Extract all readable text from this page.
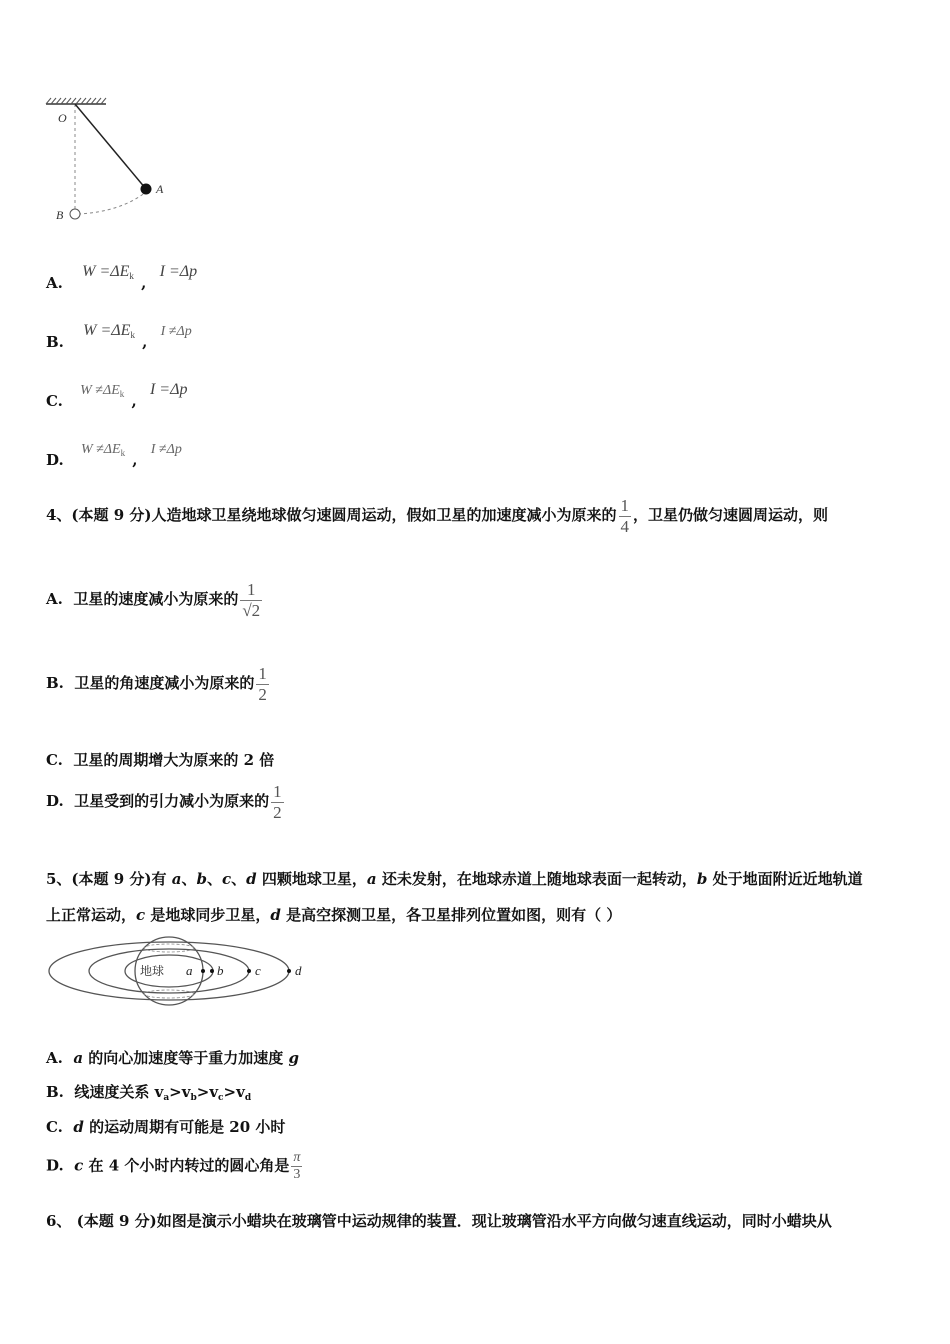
O
A
B
A. $W =\Delta E_k$ , I =Δp
B. $W =\Delta E_k$ , I ≠Δp
C. $W \ne\Delta E_k$ , I =Δp
D. $W \ne\Delta E_k$ , I ≠Δp
4、(本题 9 分)人造地球卫星绕地球做匀速圆周运动，假如卫星的加速度减小为原来的 $\frac{1}{4}$ ，卫星仍做匀速圆周运动，则
A. 卫星的速度减小为原来的 $\frac{1}{√2}$
B. 卫星的角速度减小为原来的 $\frac{1}{2}$
C. 卫星的周期增大为原来的 2 倍
D. 卫星受到的引力减小为原来的 $\frac{1}{2}$
5、(本题 9 分)有 a、b、c、d 四颗地球卫星，a 还未发射，在地球赤道上随地球表面一起转动，b 处于地面附近近地轨道
上正常运动，c 是地球同步卫星，d 是高空探测卫星，各卫星排列位置如图，则有（ ）
地球 a b c	d
A. a 的向心加速度等于重力加速度 g
B. 线速度关系 $v_a>v_b>v_c>v_d$
C. d 的运动周期有可能是 20 小时
D. c 在 4 个小时内转过的圆心角是 $\frac{\pi}{3}$
6、 (本题 9 分)如图是演示小蜡块在玻璃管中运动规律的装置．现让玻璃管沿水平方向做匀速直线运动，同时小蜡块从
